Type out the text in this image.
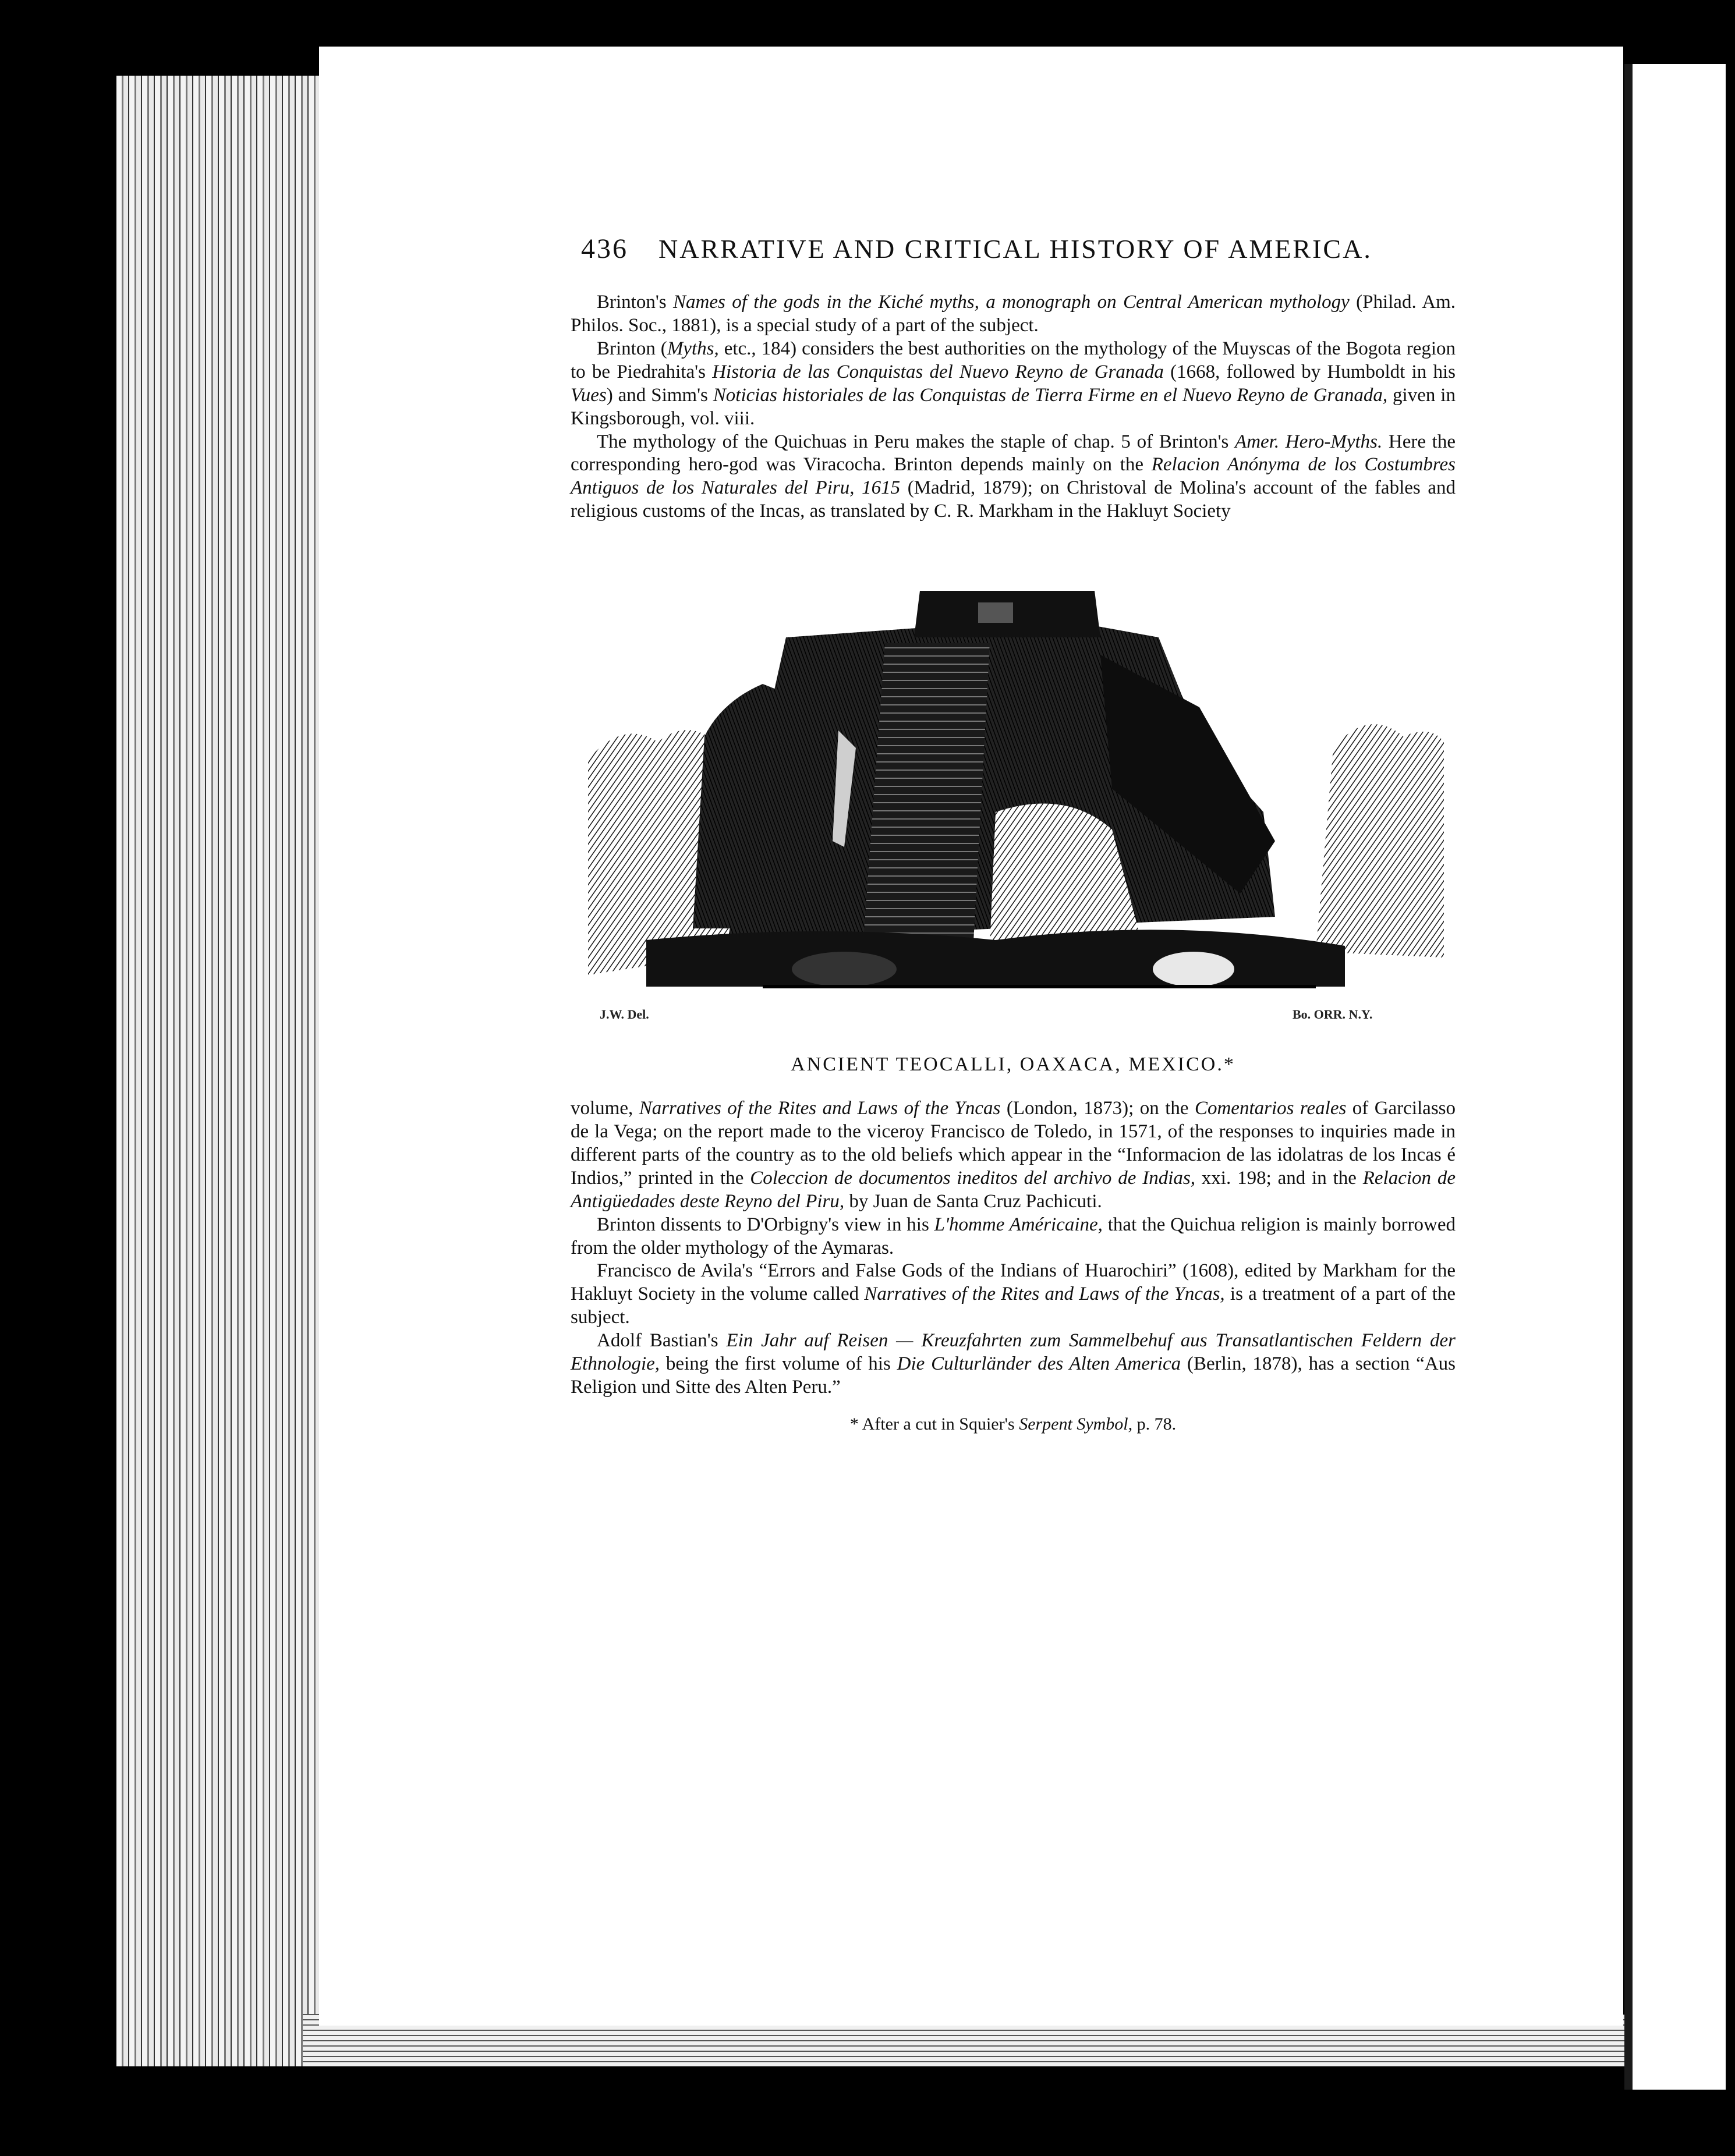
436 NARRATIVE AND CRITICAL HISTORY OF AMERICA.

Brinton's Names of the gods in the Kiché myths, a monograph on Central American mythology (Philad. Am. Philos. Soc., 1881), is a special study of a part of the subject.

Brinton (Myths, etc., 184) considers the best authorities on the mythology of the Muyscas of the Bogota region to be Piedrahita's Historia de las Conquistas del Nuevo Reyno de Granada (1668, followed by Humboldt in his Vues) and Simm's Noticias historiales de las Conquistas de Tierra Firme en el Nuevo Reyno de Granada, given in Kingsborough, vol. viii.

The mythology of the Quichuas in Peru makes the staple of chap. 5 of Brinton's Amer. Hero-Myths. Here the corresponding hero-god was Viracocha. Brinton depends mainly on the Relacion Anónyma de los Costumbres Antiguos de los Naturales del Piru, 1615 (Madrid, 1879); on Christoval de Molina's account of the fables and religious customs of the Incas, as translated by C. R. Markham in the Hakluyt Society

J.W. Del.	Bo. ORR. N.Y.
ANCIENT TEOCALLI, OAXACA, MEXICO.*

volume, Narratives of the Rites and Laws of the Yncas (London, 1873); on the Comentarios reales of Garcilasso de la Vega; on the report made to the viceroy Francisco de Toledo, in 1571, of the responses to inquiries made in different parts of the country as to the old beliefs which appear in the “Informacion de las idolatras de los Incas é Indios,” printed in the Coleccion de documentos ineditos del archivo de Indias, xxi. 198; and in the Relacion de Antigüedades deste Reyno del Piru, by Juan de Santa Cruz Pachicuti.

Brinton dissents to D'Orbigny's view in his L'homme Américaine, that the Quichua religion is mainly borrowed from the older mythology of the Aymaras.

Francisco de Avila's “Errors and False Gods of the Indians of Huarochiri” (1608), edited by Markham for the Hakluyt Society in the volume called Narratives of the Rites and Laws of the Yncas, is a treatment of a part of the subject.

Adolf Bastian's Ein Jahr auf Reisen — Kreuzfahrten zum Sammelbehuf aus Transatlantischen Feldern der Ethnologie, being the first volume of his Die Culturländer des Alten America (Berlin, 1878), has a section “Aus Religion und Sitte des Alten Peru.”

* After a cut in Squier's Serpent Symbol, p. 78.
